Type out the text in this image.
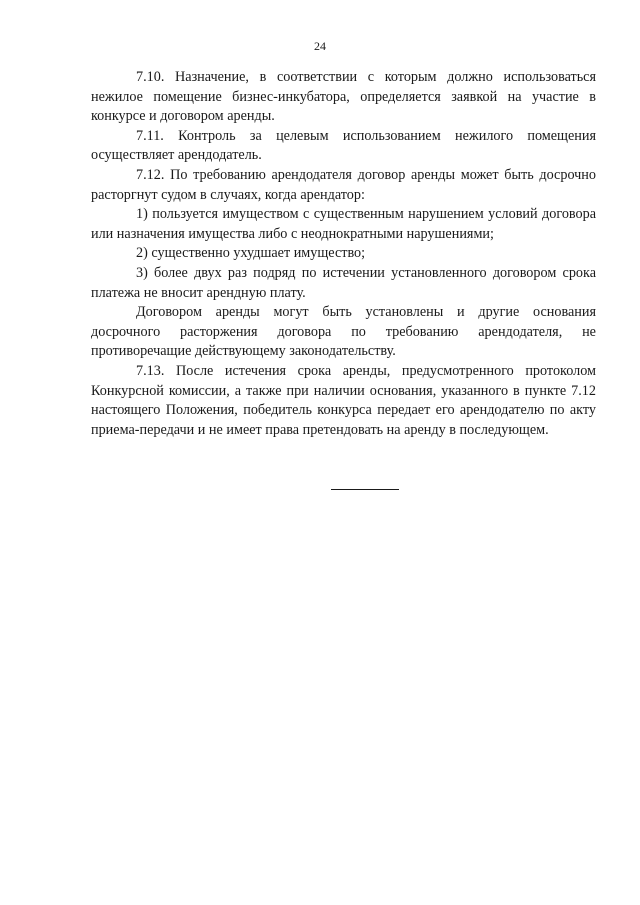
24

7.10. Назначение, в соответствии с которым должно использоваться нежилое помещение бизнес-инкубатора, определяется заявкой на участие в конкурсе и договором аренды.

7.11. Контроль за целевым использованием нежилого помещения осуществляет арендодатель.

7.12. По требованию арендодателя договор аренды может быть досрочно расторгнут судом в случаях, когда арендатор:

1) пользуется имуществом с существенным нарушением условий договора или назначения имущества либо с неоднократными нарушениями;

2) существенно ухудшает имущество;

3) более двух раз подряд по истечении установленного договором срока платежа не вносит арендную плату.

Договором аренды могут быть установлены и другие основания досрочного расторжения договора по требованию арендодателя, не противоречащие действующему законодательству.

7.13. После истечения срока аренды, предусмотренного протоколом Конкурсной комиссии, а также при наличии основания, указанного в пункте 7.12 настоящего Положения, победитель конкурса передает его арендодателю по акту приема-передачи и не имеет права претендовать на аренду в последующем.
